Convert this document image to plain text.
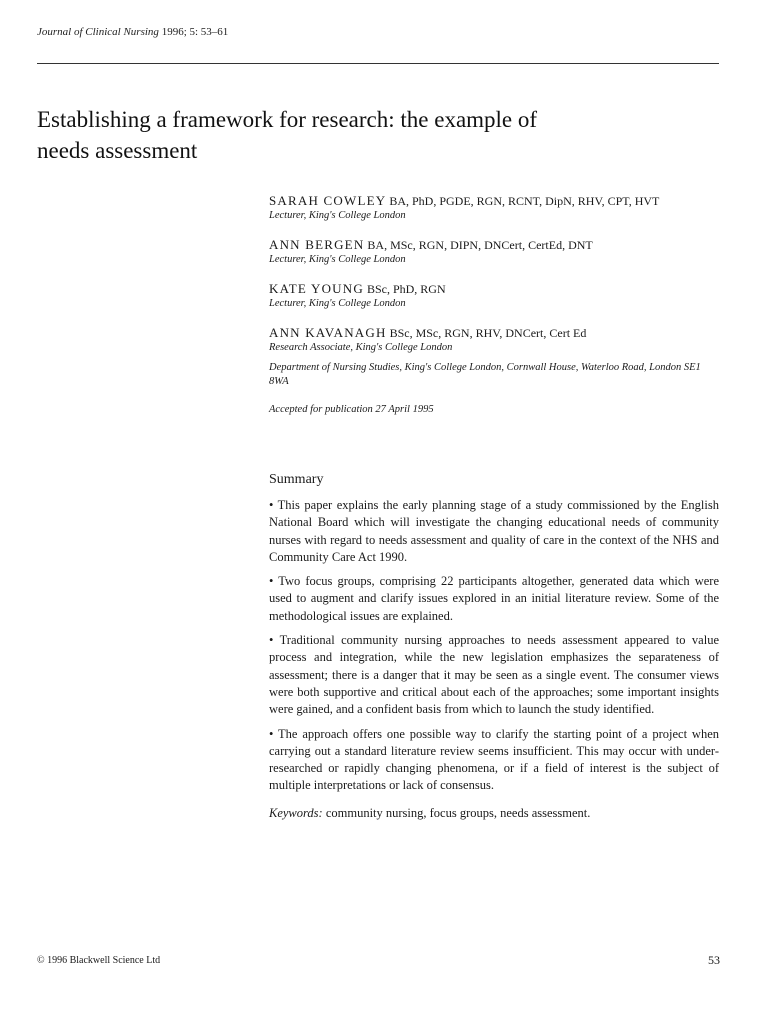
Journal of Clinical Nursing 1996; 5: 53–61
Establishing a framework for research: the example of needs assessment
SARAH COWLEY BA, PhD, PGDE, RGN, RCNT, DipN, RHV, CPT, HVT
Lecturer, King's College London
ANN BERGEN BA, MSc, RGN, DIPN, DNCert, CertEd, DNT
Lecturer, King's College London
KATE YOUNG BSc, PhD, RGN
Lecturer, King's College London
ANN KAVANAGH BSc, MSc, RGN, RHV, DNCert, Cert Ed
Research Associate, King's College London
Department of Nursing Studies, King's College London, Cornwall House, Waterloo Road, London SE1 8WA
Accepted for publication 27 April 1995
Summary

• This paper explains the early planning stage of a study commissioned by the English National Board which will investigate the changing educational needs of community nurses with regard to needs assessment and quality of care in the context of the NHS and Community Care Act 1990.

• Two focus groups, comprising 22 participants altogether, generated data which were used to augment and clarify issues explored in an initial literature review. Some of the methodological issues are explained.

• Traditional community nursing approaches to needs assessment appeared to value process and integration, while the new legislation emphasizes the separateness of assessment; there is a danger that it may be seen as a single event. The consumer views were both supportive and critical about each of the approaches; some important insights were gained, and a confident basis from which to launch the study identified.

• The approach offers one possible way to clarify the starting point of a project when carrying out a standard literature review seems insufficient. This may occur with under-researched or rapidly changing phenomena, or if a field of interest is the subject of multiple interpretations or lack of consensus.

Keywords: community nursing, focus groups, needs assessment.
© 1996 Blackwell Science Ltd	53
